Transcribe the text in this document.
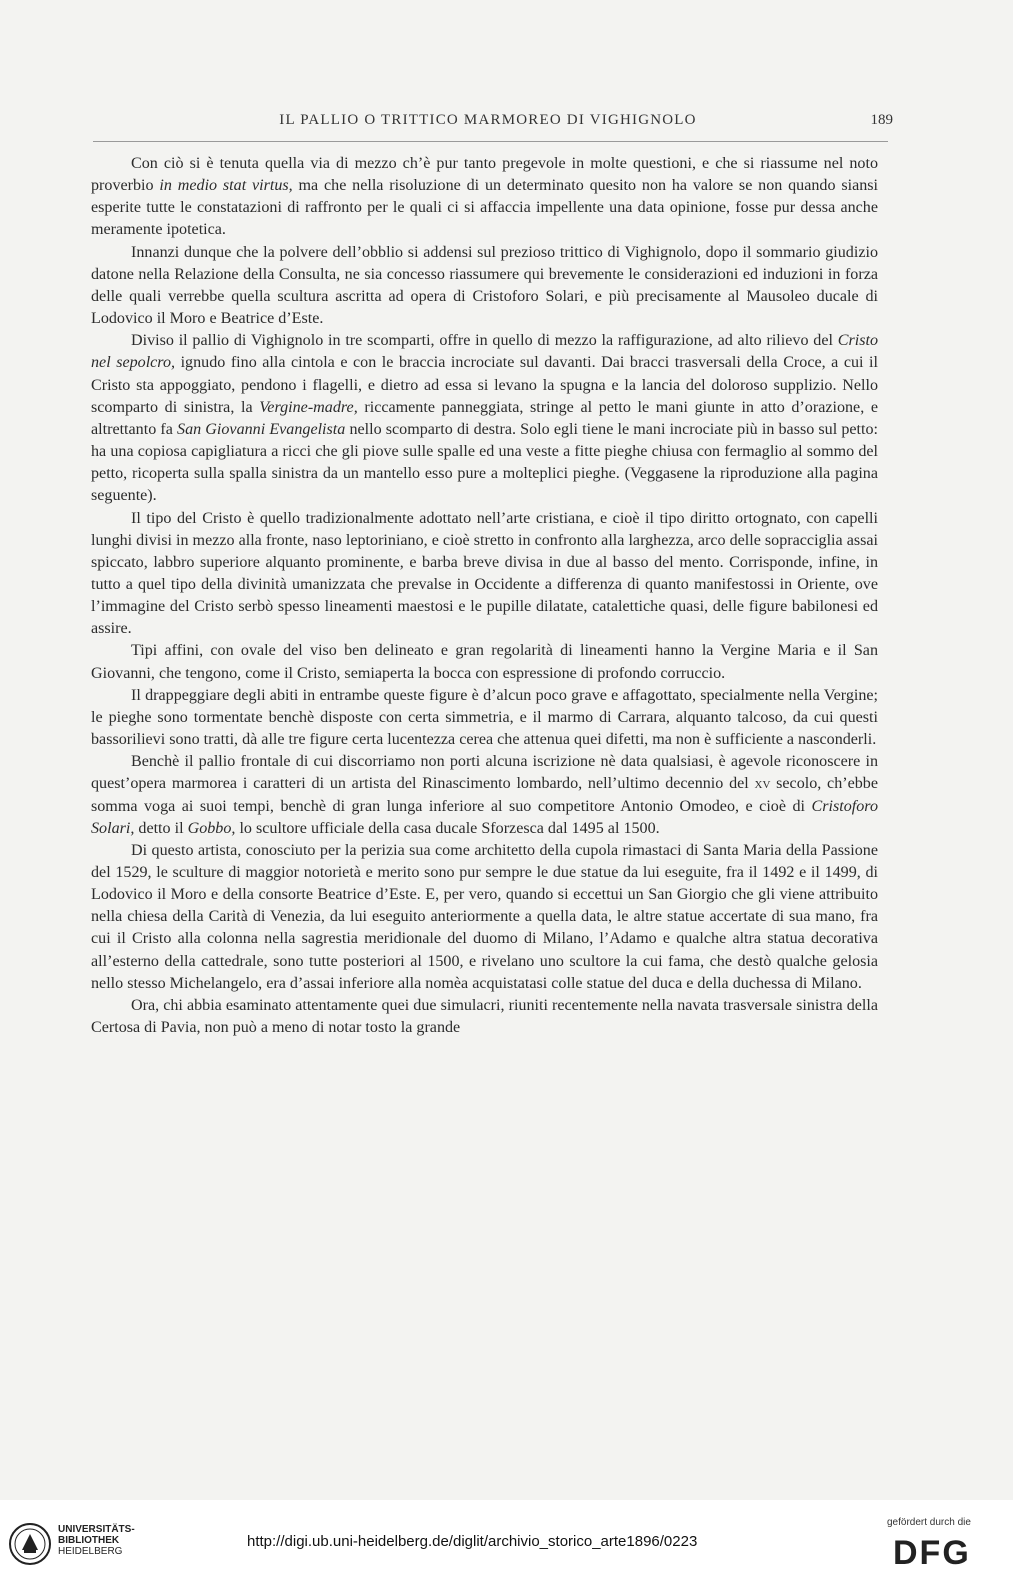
IL PALLIO O TRITTICO MARMOREO DI VIGHIGNOLO	189

Con ciò si è tenuta quella via di mezzo ch’è pur tanto pregevole in molte questioni, e che si riassume nel noto proverbio in medio stat virtus, ma che nella risoluzione di un determinato quesito non ha valore se non quando siansi esperite tutte le constatazioni di raffronto per le quali ci si affaccia impellente una data opinione, fosse pur dessa anche meramente ipotetica.

Innanzi dunque che la polvere dell’obblio si addensi sul prezioso trittico di Vighignolo, dopo il sommario giudizio datone nella Relazione della Consulta, ne sia concesso riassumere qui brevemente le considerazioni ed induzioni in forza delle quali verrebbe quella scultura ascritta ad opera di Cristoforo Solari, e più precisamente al Mausoleo ducale di Lodovico il Moro e Beatrice d’Este.

Diviso il pallio di Vighignolo in tre scomparti, offre in quello di mezzo la raffigurazione, ad alto rilievo del Cristo nel sepolcro, ignudo fino alla cintola e con le braccia incrociate sul davanti. Dai bracci trasversali della Croce, a cui il Cristo sta appoggiato, pendono i flagelli, e dietro ad essa si levano la spugna e la lancia del doloroso supplizio. Nello scomparto di sinistra, la Vergine-madre, riccamente panneggiata, stringe al petto le mani giunte in atto d’orazione, e altrettanto fa San Giovanni Evangelista nello scomparto di destra. Solo egli tiene le mani incrociate più in basso sul petto: ha una copiosa capigliatura a ricci che gli piove sulle spalle ed una veste a fitte pieghe chiusa con fermaglio al sommo del petto, ricoperta sulla spalla sinistra da un mantello esso pure a molteplici pieghe. (Veggasene la riproduzione alla pagina seguente).

Il tipo del Cristo è quello tradizionalmente adottato nell’arte cristiana, e cioè il tipo diritto ortognato, con capelli lunghi divisi in mezzo alla fronte, naso leptoriniano, e cioè stretto in confronto alla larghezza, arco delle sopracciglia assai spiccato, labbro superiore alquanto prominente, e barba breve divisa in due al basso del mento. Corrisponde, infine, in tutto a quel tipo della divinità umanizzata che prevalse in Occidente a differenza di quanto manifestossi in Oriente, ove l’immagine del Cristo serbò spesso lineamenti maestosi e le pupille dilatate, catalettiche quasi, delle figure babilonesi ed assire.

Tipi affini, con ovale del viso ben delineato e gran regolarità di lineamenti hanno la Vergine Maria e il San Giovanni, che tengono, come il Cristo, semiaperta la bocca con espressione di profondo corruccio.

Il drappeggiare degli abiti in entrambe queste figure è d’alcun poco grave e affagottato, specialmente nella Vergine; le pieghe sono tormentate benchè disposte con certa simmetria, e il marmo di Carrara, alquanto talcoso, da cui questi bassorilievi sono tratti, dà alle tre figure certa lucentezza cerea che attenua quei difetti, ma non è sufficiente a nasconderli.

Benchè il pallio frontale di cui discorriamo non porti alcuna iscrizione nè data qualsiasi, è agevole riconoscere in quest’opera marmorea i caratteri di un artista del Rinascimento lombardo, nell’ultimo decennio del xv secolo, ch’ebbe somma voga ai suoi tempi, benchè di gran lunga inferiore al suo competitore Antonio Omodeo, e cioè di Cristoforo Solari, detto il Gobbo, lo scultore ufficiale della casa ducale Sforzesca dal 1495 al 1500.

Di questo artista, conosciuto per la perizia sua come architetto della cupola rimastaci di Santa Maria della Passione del 1529, le sculture di maggior notorietà e merito sono pur sempre le due statue da lui eseguite, fra il 1492 e il 1499, di Lodovico il Moro e della consorte Beatrice d’Este. E, per vero, quando si eccettui un San Giorgio che gli viene attribuito nella chiesa della Carità di Venezia, da lui eseguito anteriormente a quella data, le altre statue accertate di sua mano, fra cui il Cristo alla colonna nella sagrestia meridionale del duomo di Milano, l’Adamo e qualche altra statua decorativa all’esterno della cattedrale, sono tutte posteriori al 1500, e rivelano uno scultore la cui fama, che destò qualche gelosia nello stesso Michelangelo, era d’assai inferiore alla nomèa acquistatasi colle statue del duca e della duchessa di Milano.

Ora, chi abbia esaminato attentamente quei due simulacri, riuniti recentemente nella navata trasversale sinistra della Certosa di Pavia, non può a meno di notar tosto la grande

UNIVERSITÄTS-
BIBLIOTHEK
HEIDELBERG
http://digi.ub.uni-heidelberg.de/diglit/archivio_storico_arte1896/0223
gefördert durch die
DFG
